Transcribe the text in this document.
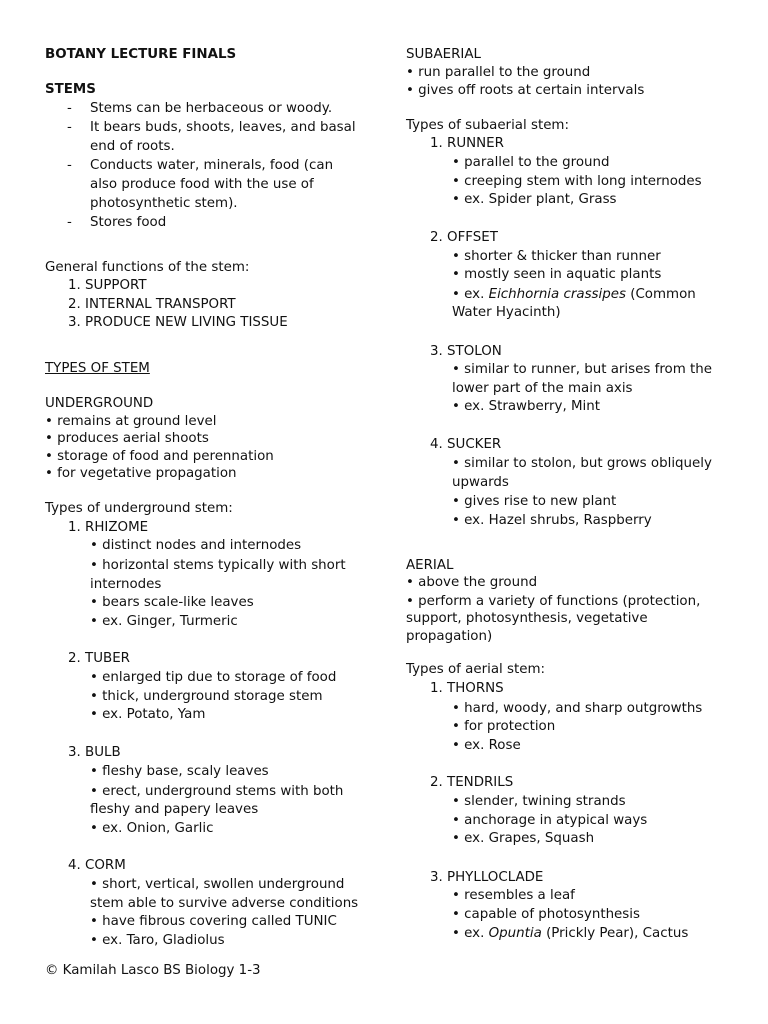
BOTANY LECTURE FINALS
STEMS
- Stems can be herbaceous or woody.
- It bears buds, shoots, leaves, and basal
end of roots.
- Conducts water, minerals, food (can
also produce food with the use of
photosynthetic stem).
- Stores food
General functions of the stem:
1. SUPPORT
2. INTERNAL TRANSPORT
3. PRODUCE NEW LIVING TISSUE
TYPES OF STEM
UNDERGROUND
• remains at ground level
• produces aerial shoots
• storage of food and perennation
• for vegetative propagation
Types of underground stem:
1. RHIZOME
• distinct nodes and internodes
• horizontal stems typically with short
internodes
• bears scale-like leaves
• ex. Ginger, Turmeric
2. TUBER
• enlarged tip due to storage of food
• thick, underground storage stem
• ex. Potato, Yam
3. BULB
• fleshy base, scaly leaves
• erect, underground stems with both
fleshy and papery leaves
• ex. Onion, Garlic
4. CORM
• short, vertical, swollen underground
stem able to survive adverse conditions
• have fibrous covering called TUNIC
• ex. Taro, Gladiolus
© Kamilah Lasco BS Biology 1-3
SUBAERIAL
• run parallel to the ground
• gives off roots at certain intervals
Types of subaerial stem:
1. RUNNER
• parallel to the ground
• creeping stem with long internodes
• ex. Spider plant, Grass
2. OFFSET
• shorter & thicker than runner
• mostly seen in aquatic plants
• ex. Eichhornia crassipes (Common
Water Hyacinth)
3. STOLON
• similar to runner, but arises from the
lower part of the main axis
• ex. Strawberry, Mint
4. SUCKER
• similar to stolon, but grows obliquely
upwards
• gives rise to new plant
• ex. Hazel shrubs, Raspberry
AERIAL
• above the ground
• perform a variety of functions (protection,
support, photosynthesis, vegetative
propagation)
Types of aerial stem:
1. THORNS
• hard, woody, and sharp outgrowths
• for protection
• ex. Rose
2. TENDRILS
• slender, twining strands
• anchorage in atypical ways
• ex. Grapes, Squash
3. PHYLLOCLADE
• resembles a leaf
• capable of photosynthesis
• ex. Opuntia (Prickly Pear), Cactus
